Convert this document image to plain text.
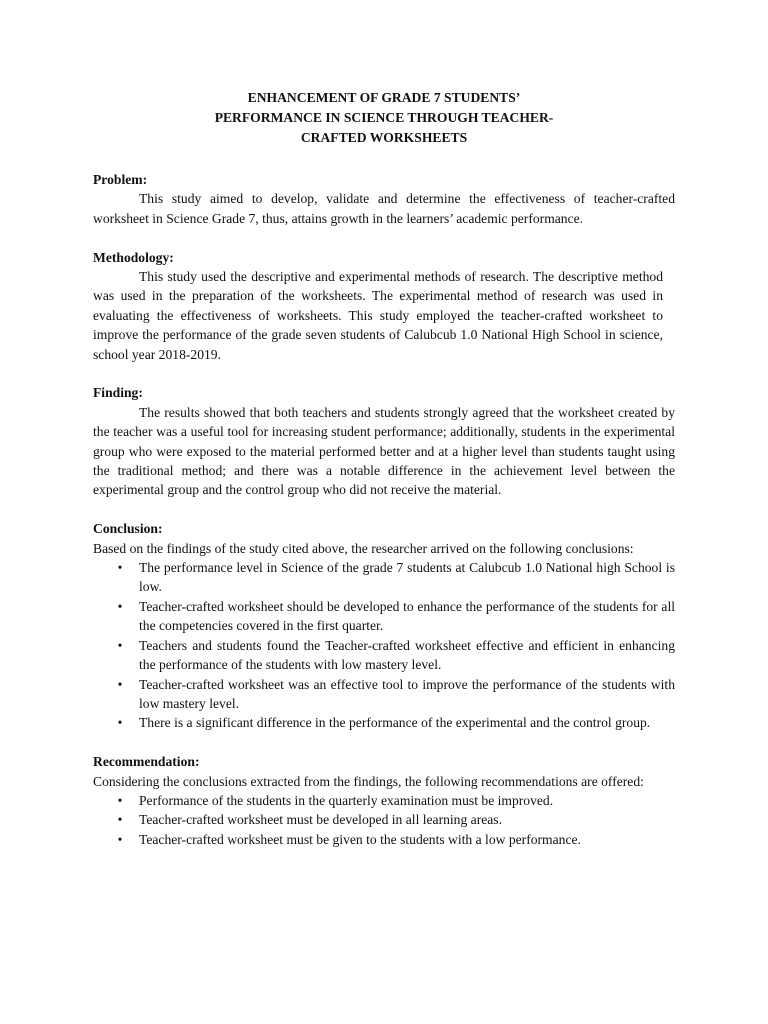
ENHANCEMENT OF GRADE 7 STUDENTS’
PERFORMANCE IN SCIENCE THROUGH TEACHER-
CRAFTED WORKSHEETS
Problem:
This study aimed to develop, validate and determine the effectiveness of teacher-crafted worksheet in Science Grade 7, thus, attains growth in the learners’ academic performance.
Methodology:
This study used the descriptive and experimental methods of research. The descriptive method was used in the preparation of the worksheets. The experimental method of research was used in evaluating the effectiveness of worksheets. This study employed the teacher-crafted worksheet to improve the performance of the grade seven students of Calubcub 1.0 National High School in science, school year 2018-2019.
Finding:
The results showed that both teachers and students strongly agreed that the worksheet created by the teacher was a useful tool for increasing student performance; additionally, students in the experimental group who were exposed to the material performed better and at a higher level than students taught using the traditional method; and there was a notable difference in the achievement level between the experimental group and the control group who did not receive the material.
Conclusion:
Based on the findings of the study cited above, the researcher arrived on the following conclusions:
• The performance level in Science of the grade 7 students at Calubcub 1.0 National high School is low.
• Teacher-crafted worksheet should be developed to enhance the performance of the students for all the competencies covered in the first quarter.
• Teachers and students found the Teacher-crafted worksheet effective and efficient in enhancing the performance of the students with low mastery level.
• Teacher-crafted worksheet was an effective tool to improve the performance of the students with low mastery level.
• There is a significant difference in the performance of the experimental and the control group.
Recommendation:
Considering the conclusions extracted from the findings, the following recommendations are offered:
• Performance of the students in the quarterly examination must be improved.
• Teacher-crafted worksheet must be developed in all learning areas.
• Teacher-crafted worksheet must be given to the students with a low performance.
